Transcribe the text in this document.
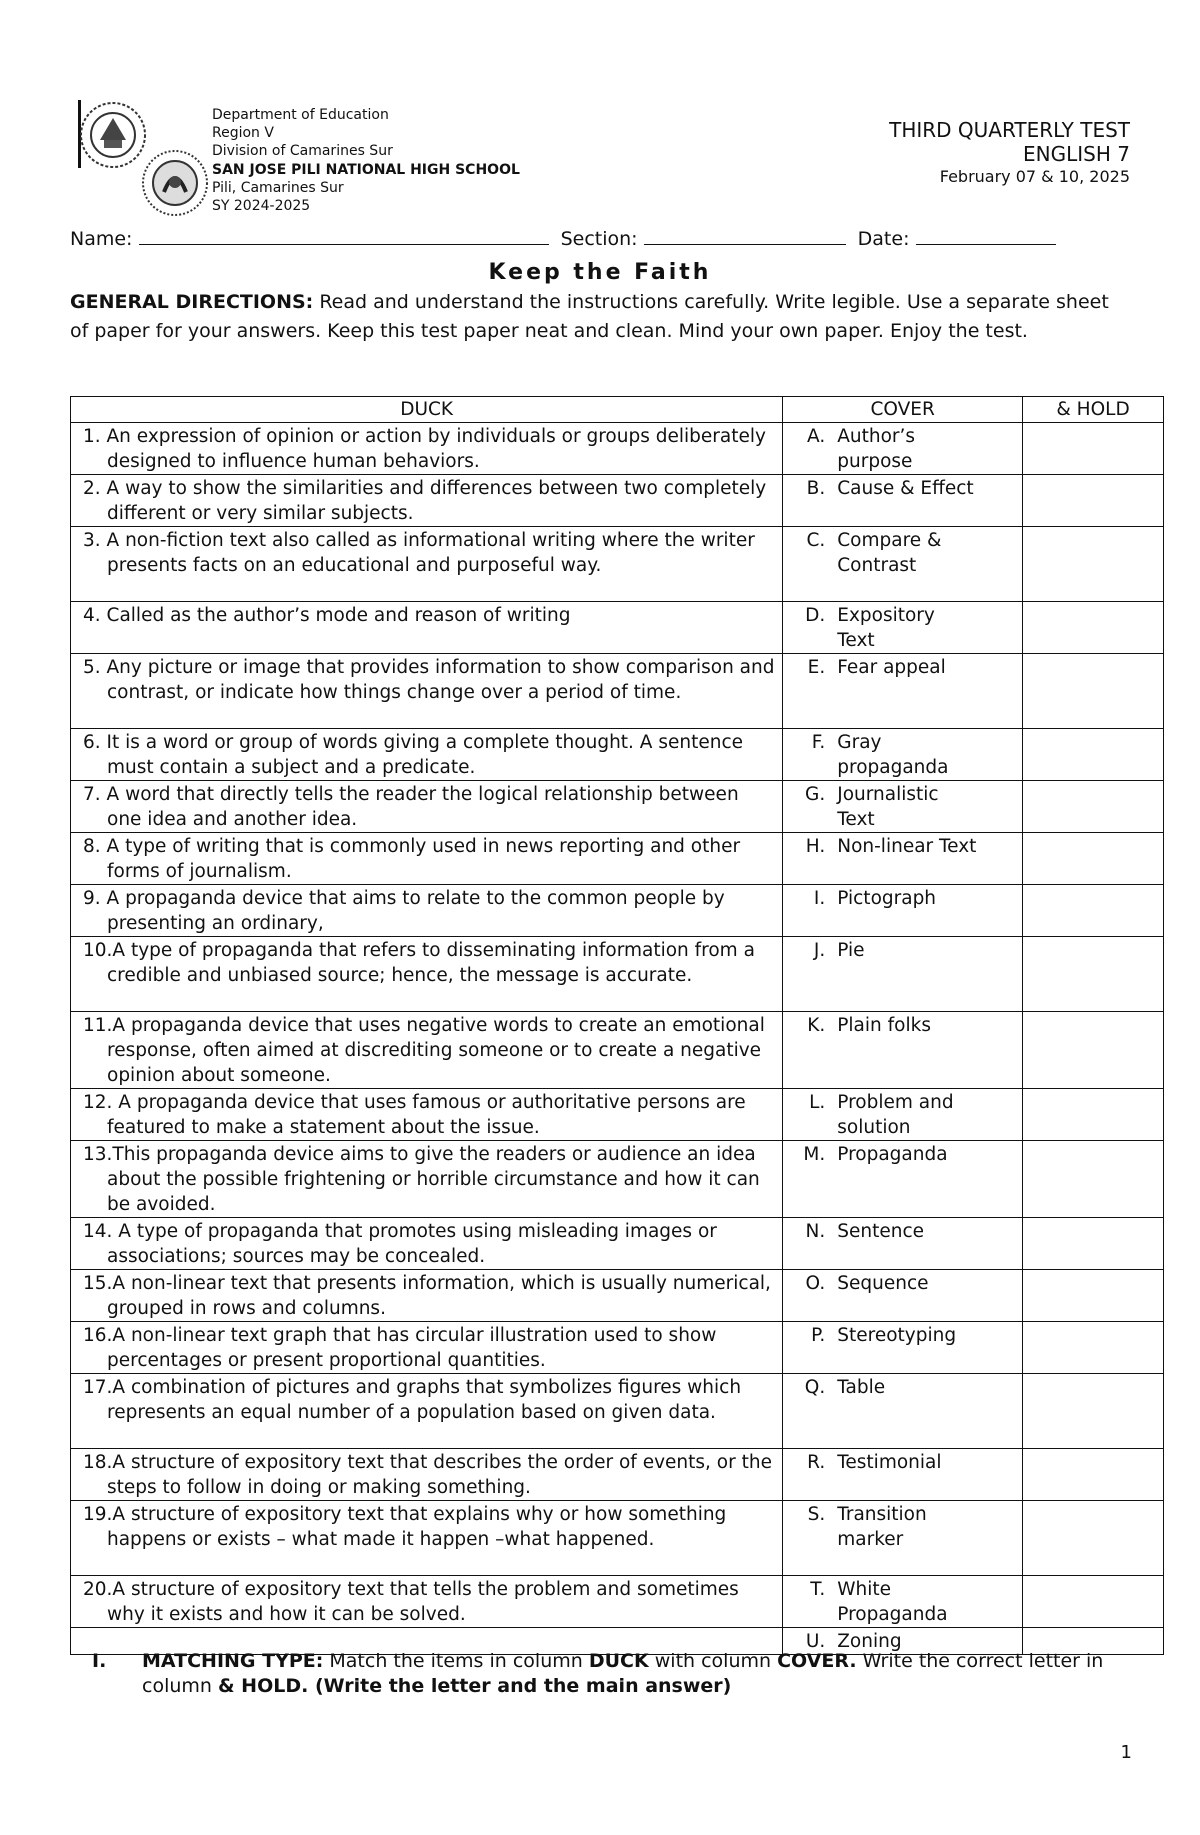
Department of Education
Region V
Division of Camarines Sur
SAN JOSE PILI NATIONAL HIGH SCHOOL
Pili, Camarines Sur
SY 2024-2025
THIRD QUARTERLY TEST
ENGLISH 7
February 07 & 10, 2025
Name:	Section:	Date:
Keep the Faith
GENERAL DIRECTIONS: Read and understand the instructions carefully. Write legible. Use a separate sheet of paper for your answers. Keep this test paper neat and clean. Mind your own paper. Enjoy the test.
DUCK	COVER	& HOLD

1. An expression of opinion or action by individuals or groups deliberately designed to influence human behaviors.	A. Author’s purpose	

2. A way to show the similarities and differences between two completely different or very similar subjects.	B. Cause & Effect	

3. A non-fiction text also called as informational writing where the writer presents facts on an educational and purposeful way.	C. Compare & Contrast	

4. Called as the author’s mode and reason of writing	D. Expository Text	

5. Any picture or image that provides information to show comparison and contrast, or indicate how things change over a period of time.	E. Fear appeal	

6. It is a word or group of words giving a complete thought. A sentence must contain a subject and a predicate.	F. Gray propaganda	

7. A word that directly tells the reader the logical relationship between one idea and another idea.	G. Journalistic Text	

8. A type of writing that is commonly used in news reporting and other forms of journalism.	H. Non-linear Text	

9. A propaganda device that aims to relate to the common people by presenting an ordinary,	I. Pictograph	

10.A type of propaganda that refers to disseminating information from a credible and unbiased source; hence, the message is accurate.	J. Pie	

11.A propaganda device that uses negative words to create an emotional response, often aimed at discrediting someone or to create a negative opinion about someone.	K. Plain folks	

12. A propaganda device that uses famous or authoritative persons are featured to make a statement about the issue.	L. Problem and solution	

13.This propaganda device aims to give the readers or audience an idea about the possible frightening or horrible circumstance and how it can be avoided.	M. Propaganda	

14. A type of propaganda that promotes using misleading images or associations; sources may be concealed.	N. Sentence	

15.A non-linear text that presents information, which is usually numerical, grouped in rows and columns.	O. Sequence	

16.A non-linear text graph that has circular illustration used to show percentages or present proportional quantities.	P. Stereotyping	

17.A combination of pictures and graphs that symbolizes figures which represents an equal number of a population based on given data.	Q. Table	

18.A structure of expository text that describes the order of events, or the steps to follow in doing or making something.	R. Testimonial	

19.A structure of expository text that explains why or how something happens or exists – what made it happen –what happened.	S. Transition marker	

20.A structure of expository text that tells the problem and sometimes why it exists and how it can be solved.	T. White Propaganda	

	U. Zoning	
I. MATCHING TYPE: Match the items in column DUCK with column COVER. Write the correct letter in column & HOLD. (Write the letter and the main answer)
1
